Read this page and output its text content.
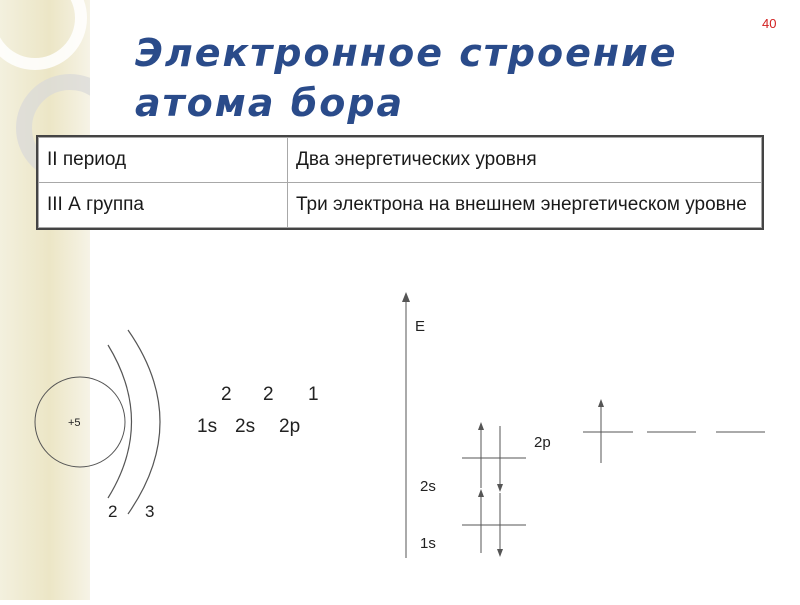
40
Электронное строение атома бора
II период	Два энергетических уровня
III А группа	Три электрона на внешнем энергетическом уровне
+5
2 3
2 2 1
1s 2s 2p
E
1s
2s
2p
